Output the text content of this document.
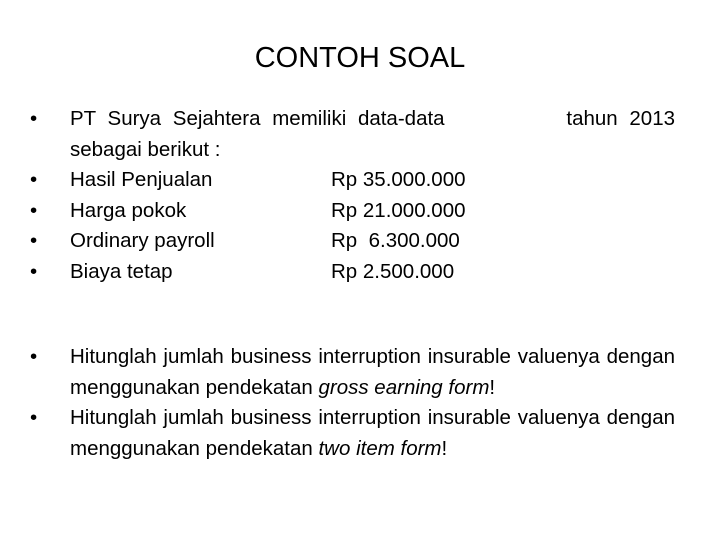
CONTOH SOAL
•	PT Surya Sejahtera memiliki data-data	tahun 2013
sebagai berikut :
•	Hasil Penjualan	Rp 35.000.000
•	Harga pokok	Rp 21.000.000
•	Ordinary payroll	Rp  6.300.000
•	Biaya tetap	Rp 2.500.000
•	Hitunglah jumlah business interruption insurable valuenya dengan menggunakan pendekatan gross earning form!
•	Hitunglah jumlah business interruption insurable valuenya dengan menggunakan pendekatan two item form!
